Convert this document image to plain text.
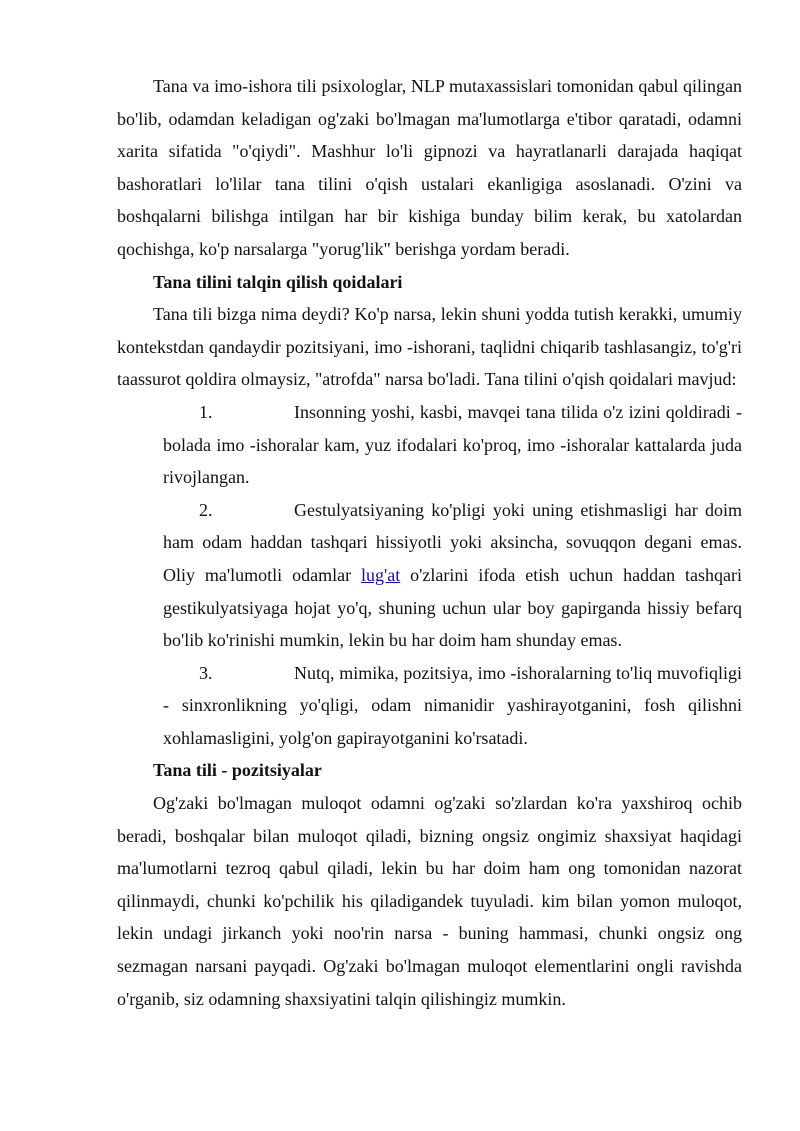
Tana va imo-ishora tili psixologlar, NLP mutaxassislari tomonidan qabul qilingan bo'lib, odamdan keladigan og'zaki bo'lmagan ma'lumotlarga e'tibor qaratadi, odamni xarita sifatida "o'qiydi". Mashhur lo'li gipnozi va hayratlanarli darajada haqiqat bashoratlari lo'lilar tana tilini o'qish ustalari ekanligiga asoslanadi. O'zini va boshqalarni bilishga intilgan har bir kishiga bunday bilim kerak, bu xatolardan qochishga, ko'p narsalarga "yorug'lik" berishga yordam beradi.

Tana tilini talqin qilish qoidalari

Tana tili bizga nima deydi? Ko'p narsa, lekin shuni yodda tutish kerakki, umumiy kontekstdan qandaydir pozitsiyani, imo -ishorani, taqlidni chiqarib tashlasangiz, to'g'ri taassurot qoldira olmaysiz, "atrofda" narsa bo'ladi. Tana tilini o'qish qoidalari mavjud:

1.	Insonning yoshi, kasbi, mavqei tana tilida o'z izini qoldiradi - bolada imo -ishoralar kam, yuz ifodalari ko'proq, imo -ishoralar kattalarda juda rivojlangan.

2.	Gestulyatsiyaning ko'pligi yoki uning etishmasligi har doim ham odam haddan tashqari hissiyotli yoki aksincha, sovuqqon degani emas. Oliy ma'lumotli odamlar lug'at o'zlarini ifoda etish uchun haddan tashqari gestikulyatsiyaga hojat yo'q, shuning uchun ular boy gapirganda hissiy befarq bo'lib ko'rinishi mumkin, lekin bu har doim ham shunday emas.

3.	Nutq, mimika, pozitsiya, imo -ishoralarning to'liq muvofiqligi - sinxronlikning yo'qligi, odam nimanidir yashirayotganini, fosh qilishni xohlamasligini, yolg'on gapirayotganini ko'rsatadi.

Tana tili - pozitsiyalar

Og'zaki bo'lmagan muloqot odamni og'zaki so'zlardan ko'ra yaxshiroq ochib beradi, boshqalar bilan muloqot qiladi, bizning ongsiz ongimiz shaxsiyat haqidagi ma'lumotlarni tezroq qabul qiladi, lekin bu har doim ham ong tomonidan nazorat qilinmaydi, chunki ko'pchilik his qiladigandek tuyuladi. kim bilan yomon muloqot, lekin undagi jirkanch yoki noo'rin narsa - buning hammasi, chunki ongsiz ong sezmagan narsani payqadi. Og'zaki bo'lmagan muloqot elementlarini ongli ravishda o'rganib, siz odamning shaxsiyatini talqin qilishingiz mumkin.
